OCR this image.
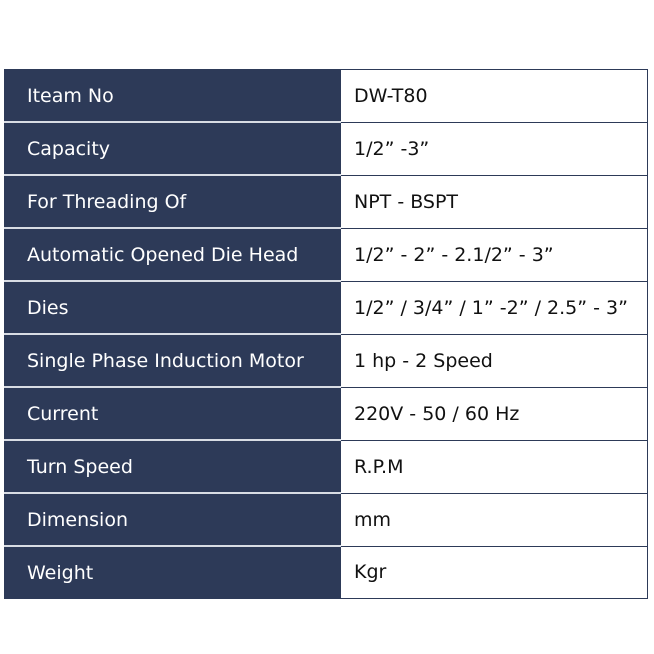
Iteam No	DW-T80
Capacity	1/2” -3”
For Threading Of	NPT - BSPT
Automatic Opened Die Head	1/2” - 2” - 2.1/2” - 3”
Dies	1/2” / 3/4” / 1” -2” / 2.5” - 3”
Single Phase Induction Motor	1 hp - 2 Speed
Current	220V - 50 / 60 Hz
Turn Speed	R.P.M
Dimension	mm
Weight	Kgr
